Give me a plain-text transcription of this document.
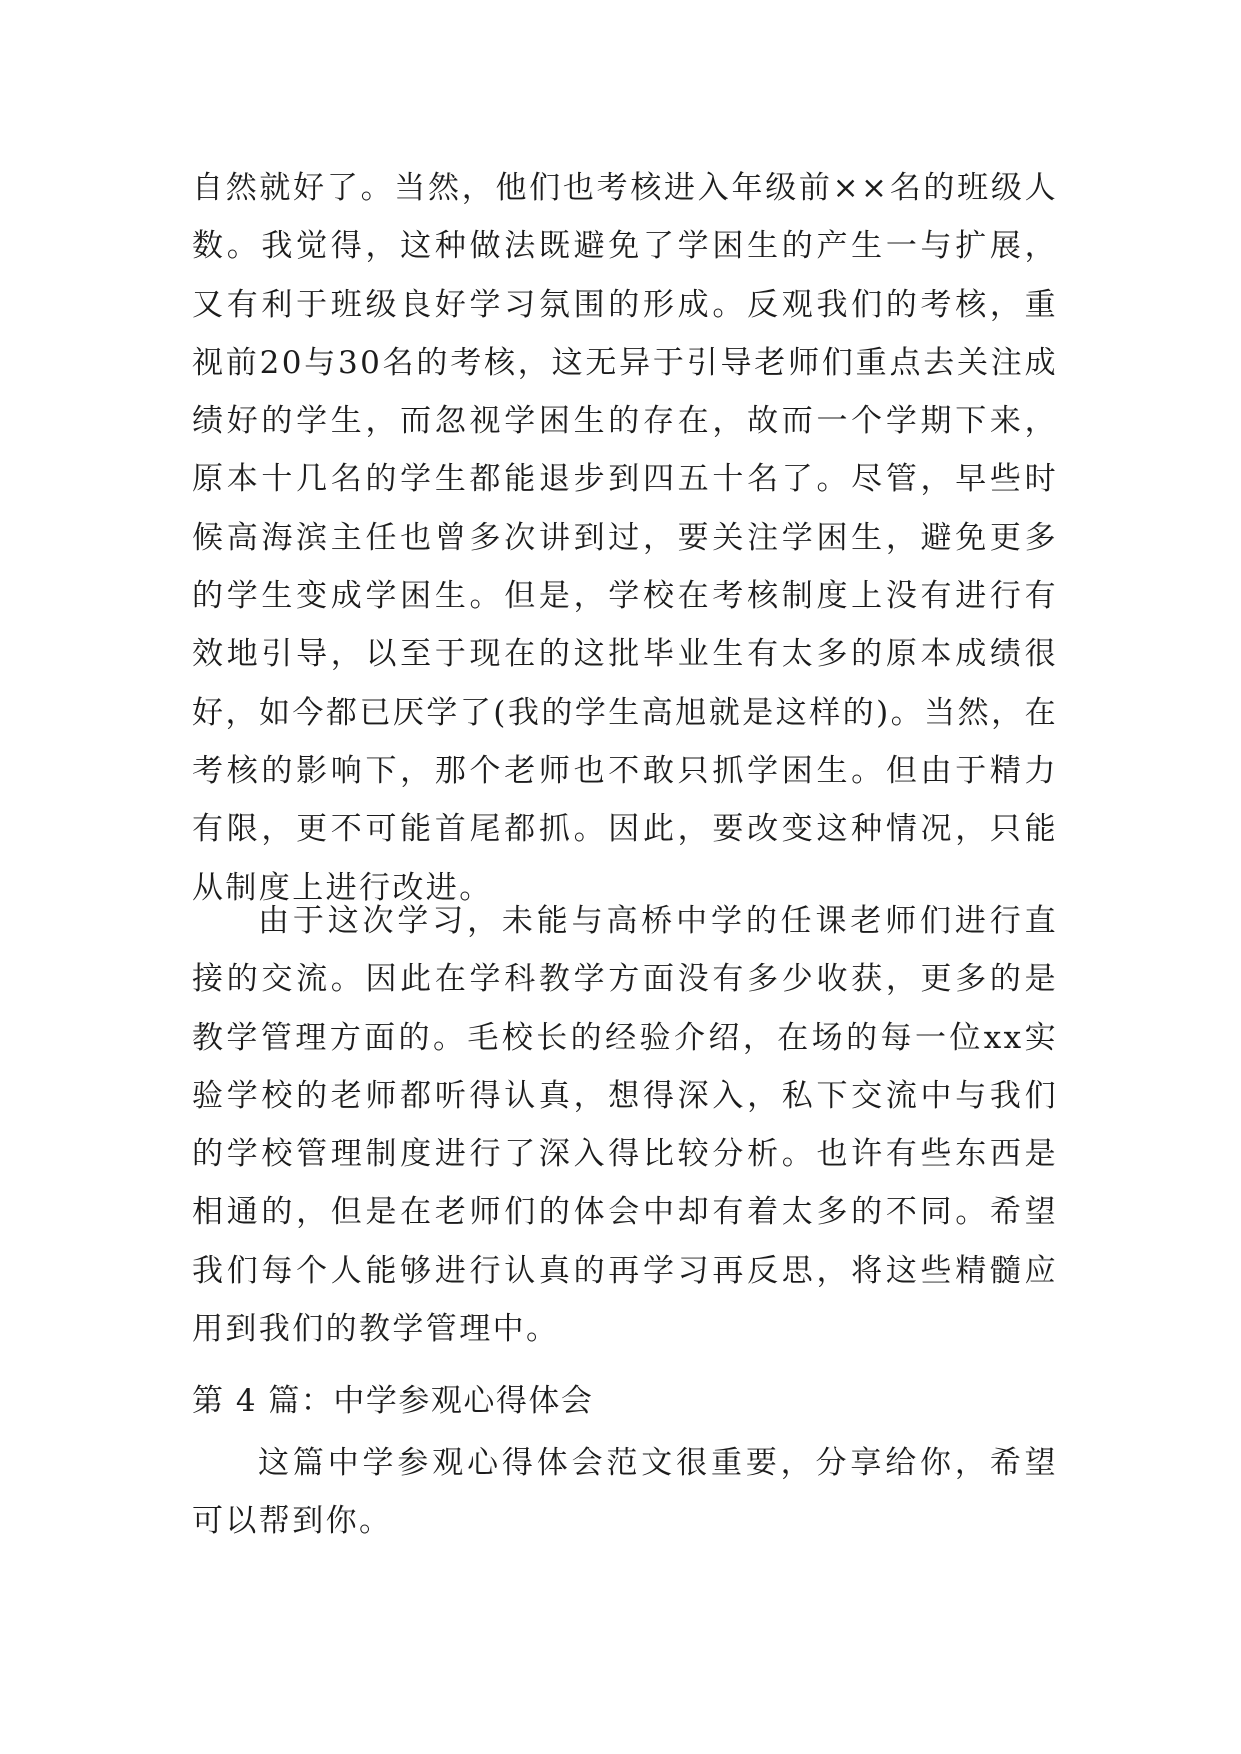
自然就好了。当然，他们也考核进入年级前××名的班级人数。我觉得，这种做法既避免了学困生的产生一与扩展，又有利于班级良好学习氛围的形成。反观我们的考核，重视前20与30名的考核，这无异于引导老师们重点去关注成绩好的学生，而忽视学困生的存在，故而一个学期下来，原本十几名的学生都能退步到四五十名了。尽管，早些时候高海滨主任也曾多次讲到过，要关注学困生，避免更多的学生变成学困生。但是，学校在考核制度上没有进行有效地引导，以至于现在的这批毕业生有太多的原本成绩很好，如今都已厌学了(我的学生高旭就是这样的)。当然，在考核的影响下，那个老师也不敢只抓学困生。但由于精力有限，更不可能首尾都抓。因此，要改变这种情况，只能从制度上进行改进。

由于这次学习，未能与高桥中学的任课老师们进行直接的交流。因此在学科教学方面没有多少收获，更多的是教学管理方面的。毛校长的经验介绍，在场的每一位xx实验学校的老师都听得认真，想得深入，私下交流中与我们的学校管理制度进行了深入得比较分析。也许有些东西是相通的，但是在老师们的体会中却有着太多的不同。希望我们每个人能够进行认真的再学习再反思，将这些精髓应用到我们的教学管理中。

第 4 篇：中学参观心得体会

这篇中学参观心得体会范文很重要，分享给你，希望可以帮到你。
